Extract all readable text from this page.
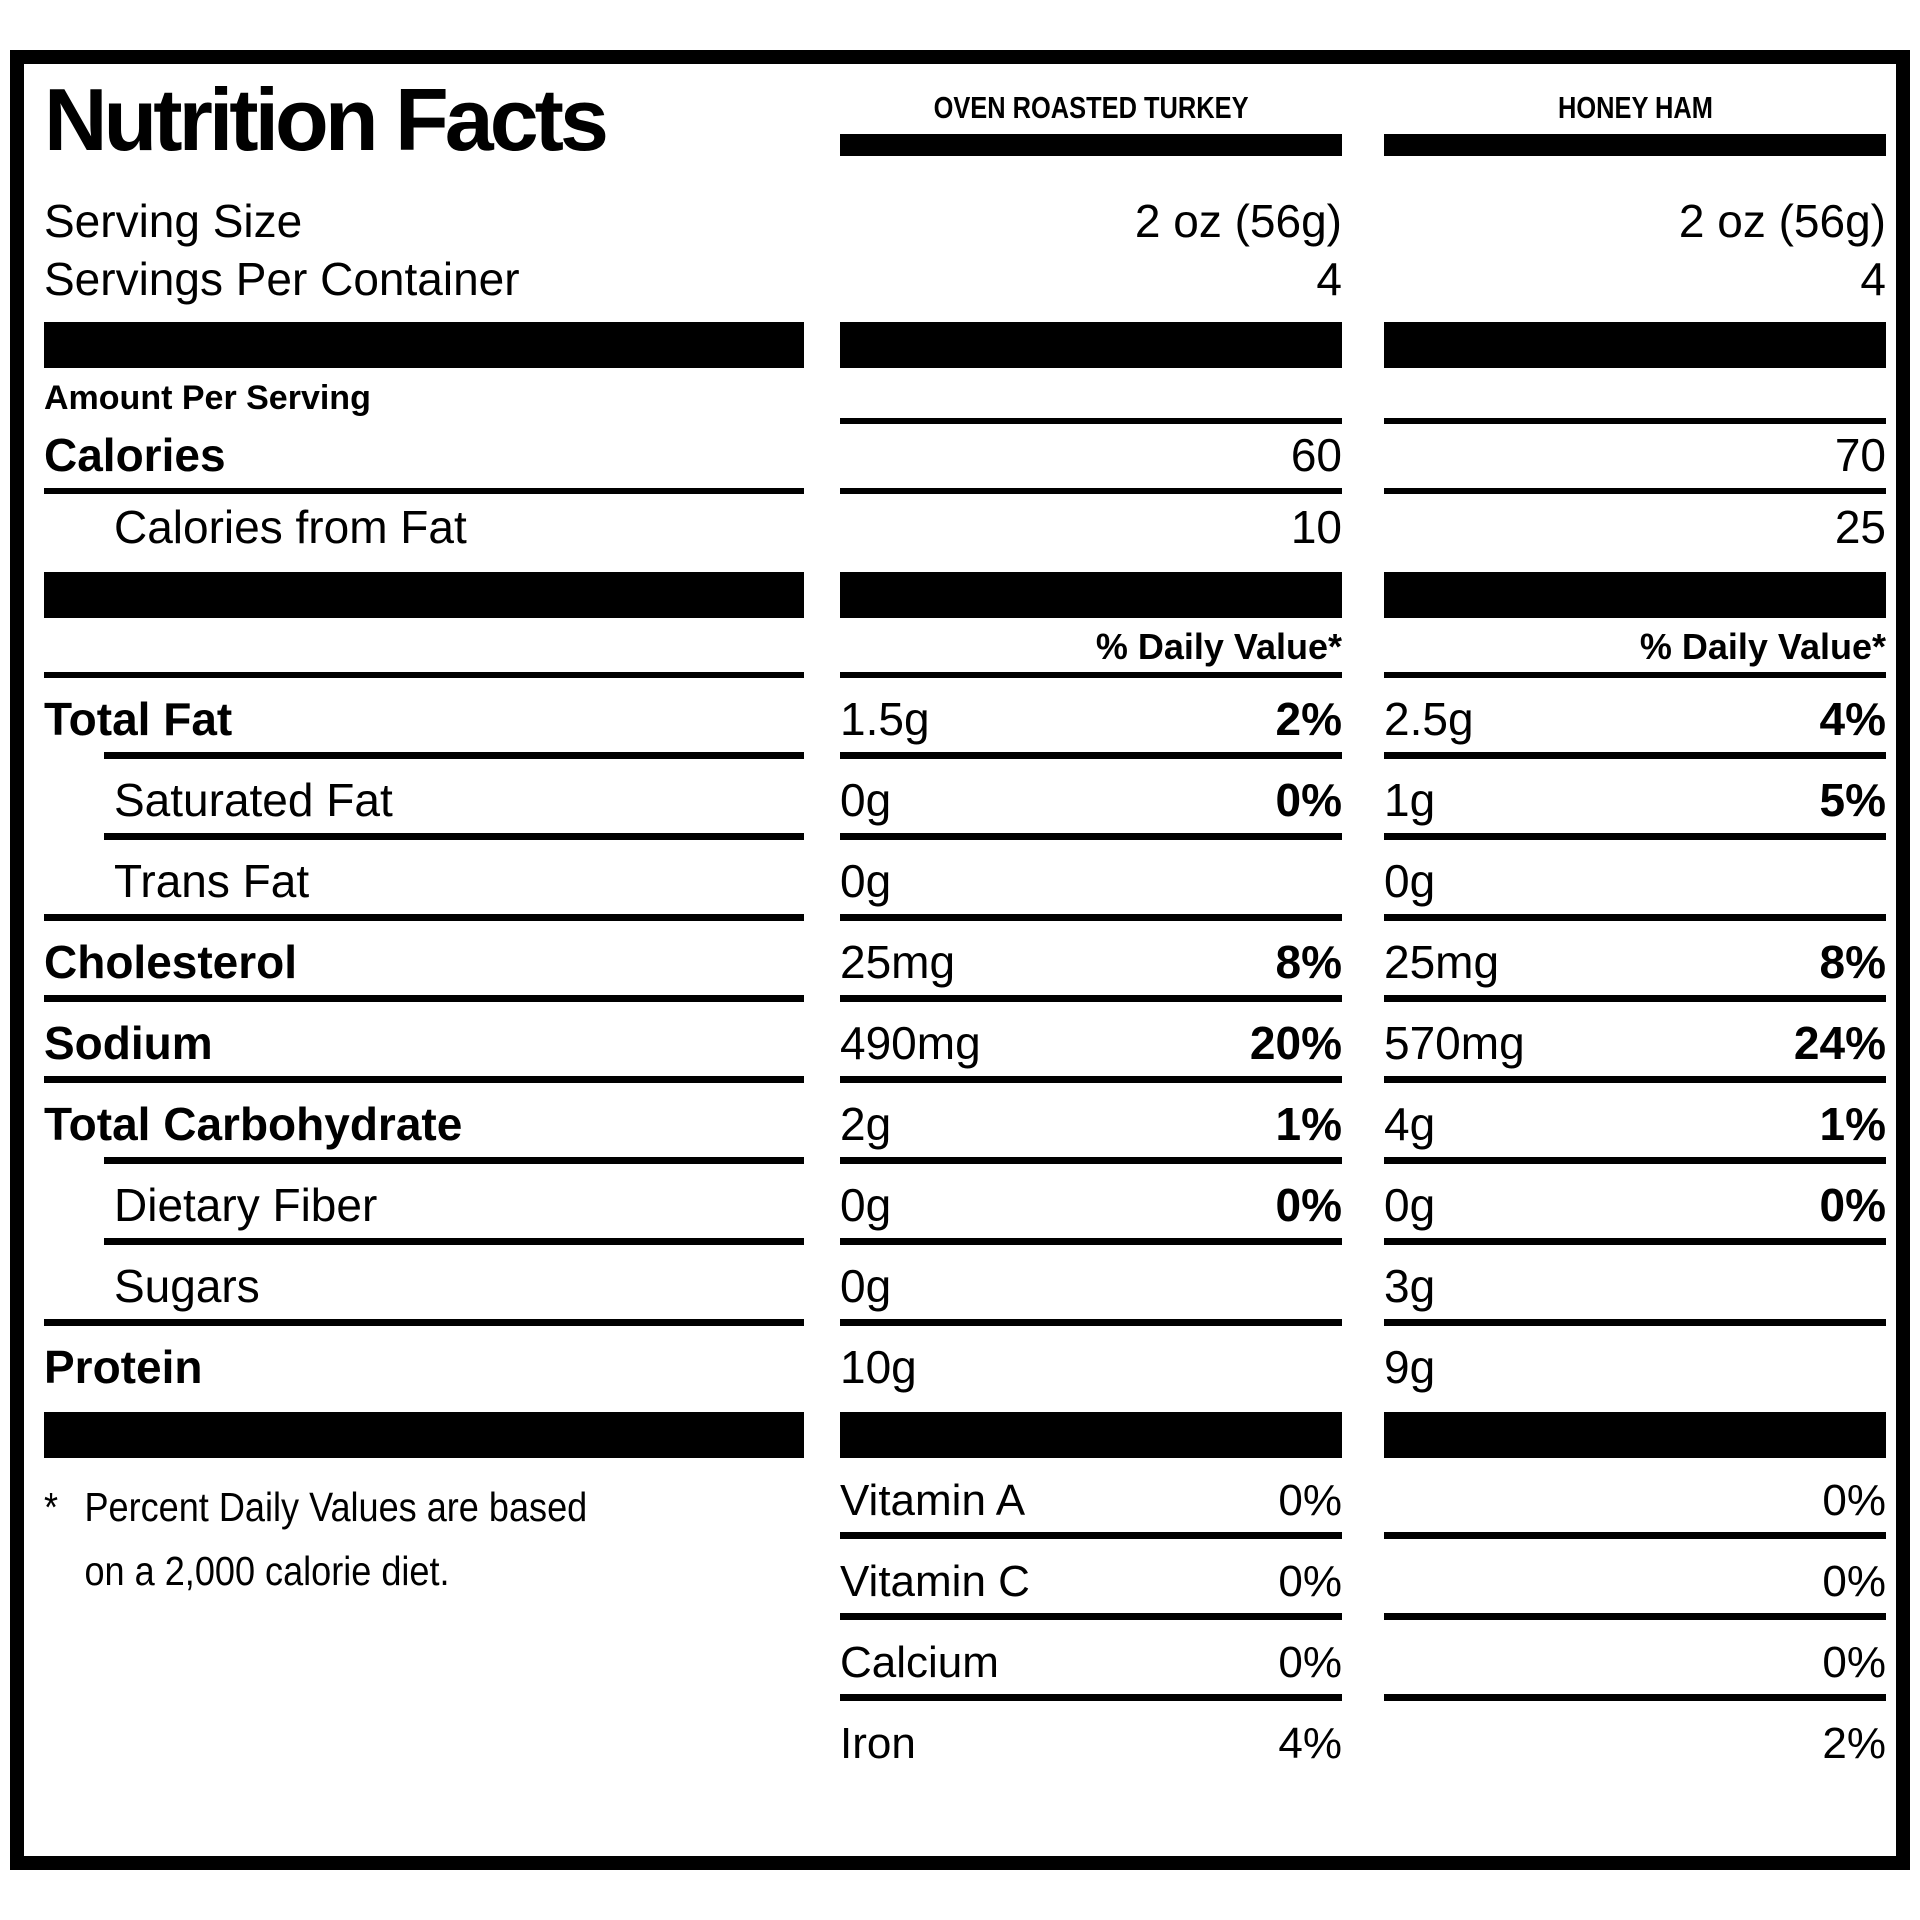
Nutrition Facts	OVEN ROASTED TURKEY	HONEY HAM
Serving Size	2 oz (56g)	2 oz (56g)
Servings Per Container	4	4
Amount Per Serving
Calories	60	70
Calories from Fat	10	25
% Daily Value*	% Daily Value*
Total Fat	1.5g	2% 2.5g	4%
Saturated Fat	0g	0% 1g	5%
Trans Fat	0g	0g
Cholesterol	25mg	8% 25mg	8%
Sodium	490mg	20% 570mg	24%
Total Carbohydrate	2g	1% 4g	1%
Dietary Fiber	0g	0% 0g	0%
Sugars	0g	3g
Protein	10g	9g
* Percent Daily Values are based
on a 2,000 calorie diet.
Vitamin A	0%	0%
Vitamin C	0%	0%
Calcium	0%	0%
Iron	4%	2%
